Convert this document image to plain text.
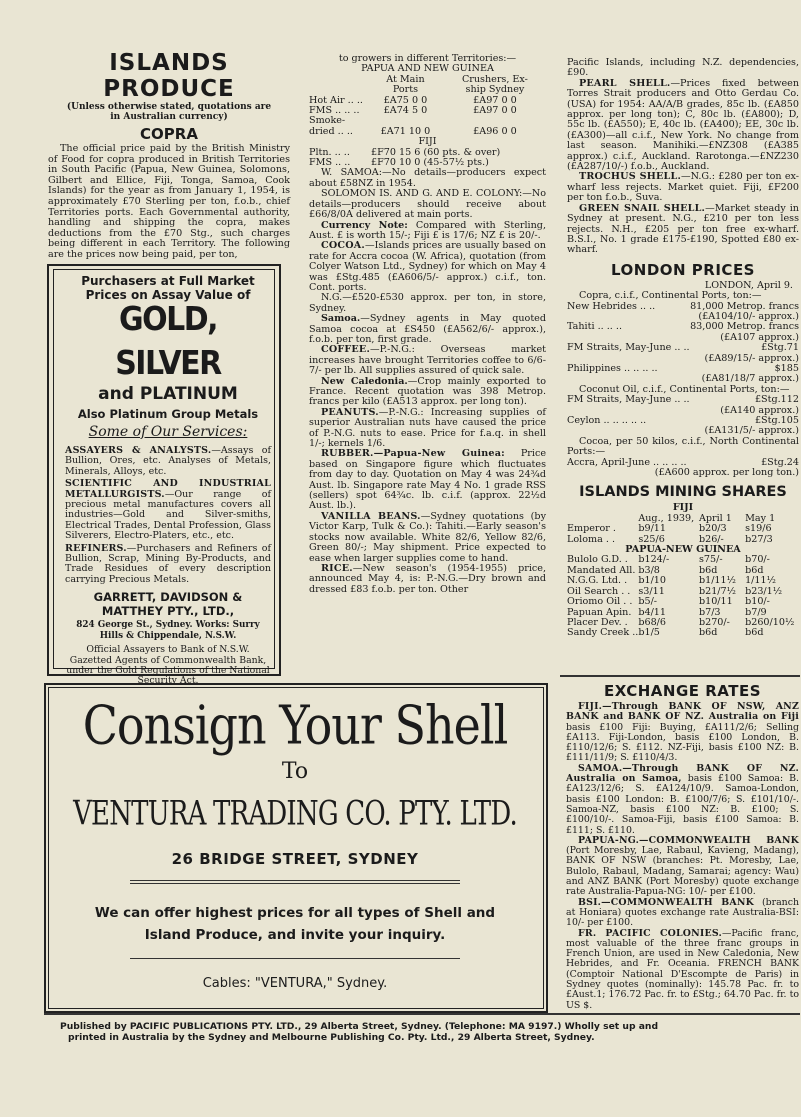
ISLANDS PRODUCE
(Unless otherwise stated, quotations are
in Australian currency)
COPRA

The official price paid by the British Ministry of Food for copra produced in British Territories in South Pacific (Papua, New Guinea, Solomons, Gilbert and Ellice, Fiji, Tonga, Samoa, Cook Islands) for the year as from January 1, 1954, is approximately £70 Sterling per ton, f.o.b., chief Territories ports. Each Governmental authority, handling and shipping the copra, makes deductions from the £70 Stg., such charges being different in each Territory. The following are the prices now being paid, per ton,

Purchasers at Full Market
Prices on Assay Value of
GOLD, SILVER
and PLATINUM
Also Platinum Group Metals
Some of Our Services:

ASSAYERS & ANALYSTS.—Assays of Bullion, Ores, etc. Analyses of Metals, Minerals, Alloys, etc.

SCIENTIFIC AND INDUSTRIAL METALLURGISTS.—Our range of precious metal manufactures covers all industries—Gold and Silver-smiths, Electrical Trades, Dental Profession, Glass Silverers, Electro-Platers, etc., etc.

REFINERS.—Purchasers and Refiners of Bullion, Scrap, Mining By-Products, and Trade Residues of every description carrying Precious Metals.

GARRETT, DAVIDSON & MATTHEY PTY., LTD.,
824 George St., Sydney. Works: Surry Hills & Chippendale, N.S.W.
Official Assayers to Bank of N.S.W. Gazetted Agents of Commonwealth Bank, under the Gold Regulations of the National Security Act.
to growers in different Territories:—
PAPUA AND NEW GUINEA
	At Main	Crushers, Ex-
	Ports	ship Sydney
Hot Air .. ..	£A75 0 0	£A97 0 0
FMS .. .. ..	£A74 5 0	£A97 0 0
Smoke-		
dried .. ..	£A71 10 0	£A96 0 0
FIJI
Pltn. .. ..	£F70 15 6 (60 pts. & over)
FMS .. ..	£F70 10 0 (45-57½ pts.)

W. SAMOA:—No details—producers expect about £58NZ in 1954.

SOLOMON IS. AND G. AND E. COLONY:—No details—producers should receive about £66/8/0A delivered at main ports.

Currency Note: Compared with Sterling, Aust. £ is worth 15/-; Fiji £ is 17/6; NZ £ is 20/-.

COCOA.—Islands prices are usually based on rate for Accra cocoa (W. Africa), quotation (from Colyer Watson Ltd., Sydney) for which on May 4 was £Stg.485 (£A606/5/- approx.) c.i.f., ton. Cont. ports.

N.G.—£520-£530 approx. per ton, in store, Sydney.

Samoa.—Sydney agents in May quoted Samoa cocoa at £S450 (£A562/6/- approx.), f.o.b. per ton, first grade.

COFFEE.—P.-N.G.: Overseas market increases have brought Territories coffee to 6/6-7/- per lb. All supplies assured of quick sale.

New Caledonia.—Crop mainly exported to France. Recent quotation was 398 Metrop. francs per kilo (£A513 approx. per long ton).

PEANUTS.—P.-N.G.: Increasing supplies of superior Australian nuts have caused the price of P.-N.G. nuts to ease. Price for f.a.q. in shell 1/-; kernels 1/6.

RUBBER.—Papua-New Guinea: Price based on Singapore figure which fluctuates from day to day. Quotation on May 4 was 24¾d Aust. lb. Singapore rate May 4 No. 1 grade RSS (sellers) spot 64¾c. lb. c.i.f. (approx. 22½d Aust. lb.).

VANILLA BEANS.—Sydney quotations (by Victor Karp, Tulk & Co.): Tahiti.—Early season's stocks now available. White 82/6, Yellow 82/6, Green 80/-; May shipment. Price expected to ease when larger supplies come to hand.

RICE.—New season's (1954-1955) price, announced May 4, is: P.-N.G.—Dry brown and dressed £83 f.o.b. per ton. Other

Pacific Islands, including N.Z. dependencies, £90.

PEARL SHELL.—Prices fixed between Torres Strait producers and Otto Gerdau Co. (USA) for 1954: AA/A/B grades, 85c lb. (£A850 approx. per long ton); C, 80c lb. (£A800); D, 55c lb. (£A550); E, 40c lb. (£A400); EE, 30c lb. (£A300)—all c.i.f., New York. No change from last season. Manihiki.—£NZ308 (£A385 approx.) c.i.f., Auckland. Rarotonga.—£NZ230 (£A287/10/-) f.o.b., Auckland.

TROCHUS SHELL.—N.G.: £280 per ton ex-wharf less rejects. Market quiet. Fiji, £F200 per ton f.o.b., Suva.

GREEN SNAIL SHELL.—Market steady in Sydney at present. N.G., £210 per ton less rejects. N.H., £205 per ton free ex-wharf. B.S.I., No. 1 grade £175-£190, Spotted £80 ex-wharf.

LONDON PRICES
LONDON, April 9.

Copra, c.i.f., Continental Ports, ton:—

New Hebrides .. ..	81,000 Metrop. francs
(£A104/10/- approx.)
Tahiti .. .. ..	83,000 Metrop. francs
(£A107 approx.)
FM Straits, May-June .. ..	£Stg.71
(£A89/15/- approx.)
Philippines .. .. .. ..	$185
(£A81/18/7 approx.)

Coconut Oil, c.i.f., Continental Ports, ton:—

FM Straits, May-June .. ..	£Stg.112
(£A140 approx.)
Ceylon .. .. .. .. ..	£Stg.105
(£A131/5/- approx.)

Cocoa, per 50 kilos, c.i.f., North Continental Ports:—

Accra, April-June .. .. .. ..	£Stg.24
(£A600 approx. per long ton.)
ISLANDS MINING SHARES
FIJI
	Aug., 1939,	April 1	May 1
Emperor .	b9/11	b20/3	s19/6
Loloma . .	s25/6	b26/-	b27/3
PAPUA-NEW GUINEA			
Bulolo G.D. .	b124/-	s75/-	b70/-
Mandated All.	b3/8	b6d	b6d
N.G.G. Ltd. .	b1/10	b1/11½	1/11½
Oil Search . .	s3/11	b21/7½	b23/1½
Oriomo Oil . .	b5/-	b10/11	b10/-
Papuan Apin.	b4/11	b7/3	b7/9
Placer Dev. .	b68/6	b270/-	b260/10½
Sandy Creek ..	b1/5	b6d	b6d
Consign Your Shell
To
VENTURA TRADING CO. PTY. LTD.
26 BRIDGE STREET, SYDNEY
We can offer highest prices for all types of Shell and
Island Produce, and invite your inquiry.
Cables: "VENTURA," Sydney.
EXCHANGE RATES

FIJI.—Through BANK OF NSW, ANZ BANK and BANK OF NZ. Australia on Fiji basis £100 Fiji: Buying, £A111/2/6; Selling £A113. Fiji-London, basis £100 London, B. £110/12/6; S. £112. NZ-Fiji, basis £100 NZ: B. £111/11/9; S. £110/4/3.

SAMOA.—Through BANK OF NZ. Australia on Samoa, basis £100 Samoa: B. £A123/12/6; S. £A124/10/9. Samoa-London, basis £100 London: B. £100/7/6; S. £101/10/-. Samoa-NZ, basis £100 NZ: B. £100; S. £100/10/-. Samoa-Fiji, basis £100 Samoa: B. £111; S. £110.

PAPUA-NG.—COMMONWEALTH BANK (Port Moresby, Lae, Rabaul, Kavieng, Madang), BANK OF NSW (branches: Pt. Moresby, Lae, Bulolo, Rabaul, Madang, Samarai; agency: Wau) and ANZ BANK (Port Moresby) quote exchange rate Australia-Papua-NG: 10/- per £100.

BSI.—COMMONWEALTH BANK (branch at Honiara) quotes exchange rate Australia-BSI: 10/- per £100.

FR. PACIFIC COLONIES.—Pacific franc, most valuable of the three franc groups in French Union, are used in New Caledonia, New Hebrides, and Fr. Oceania. FRENCH BANK (Comptoir National D'Escompte de Paris) in Sydney quotes (nominally): 145.78 Pac. fr. to £Aust.1; 176.72 Pac. fr. to £Stg.; 64.70 Pac. fr. to US $.

Published by PACIFIC PUBLICATIONS PTY. LTD., 29 Alberta Street, Sydney. (Telephone: MA 9197.) Wholly set up and
printed in Australia by the Sydney and Melbourne Publishing Co. Pty. Ltd., 29 Alberta Street, Sydney.
